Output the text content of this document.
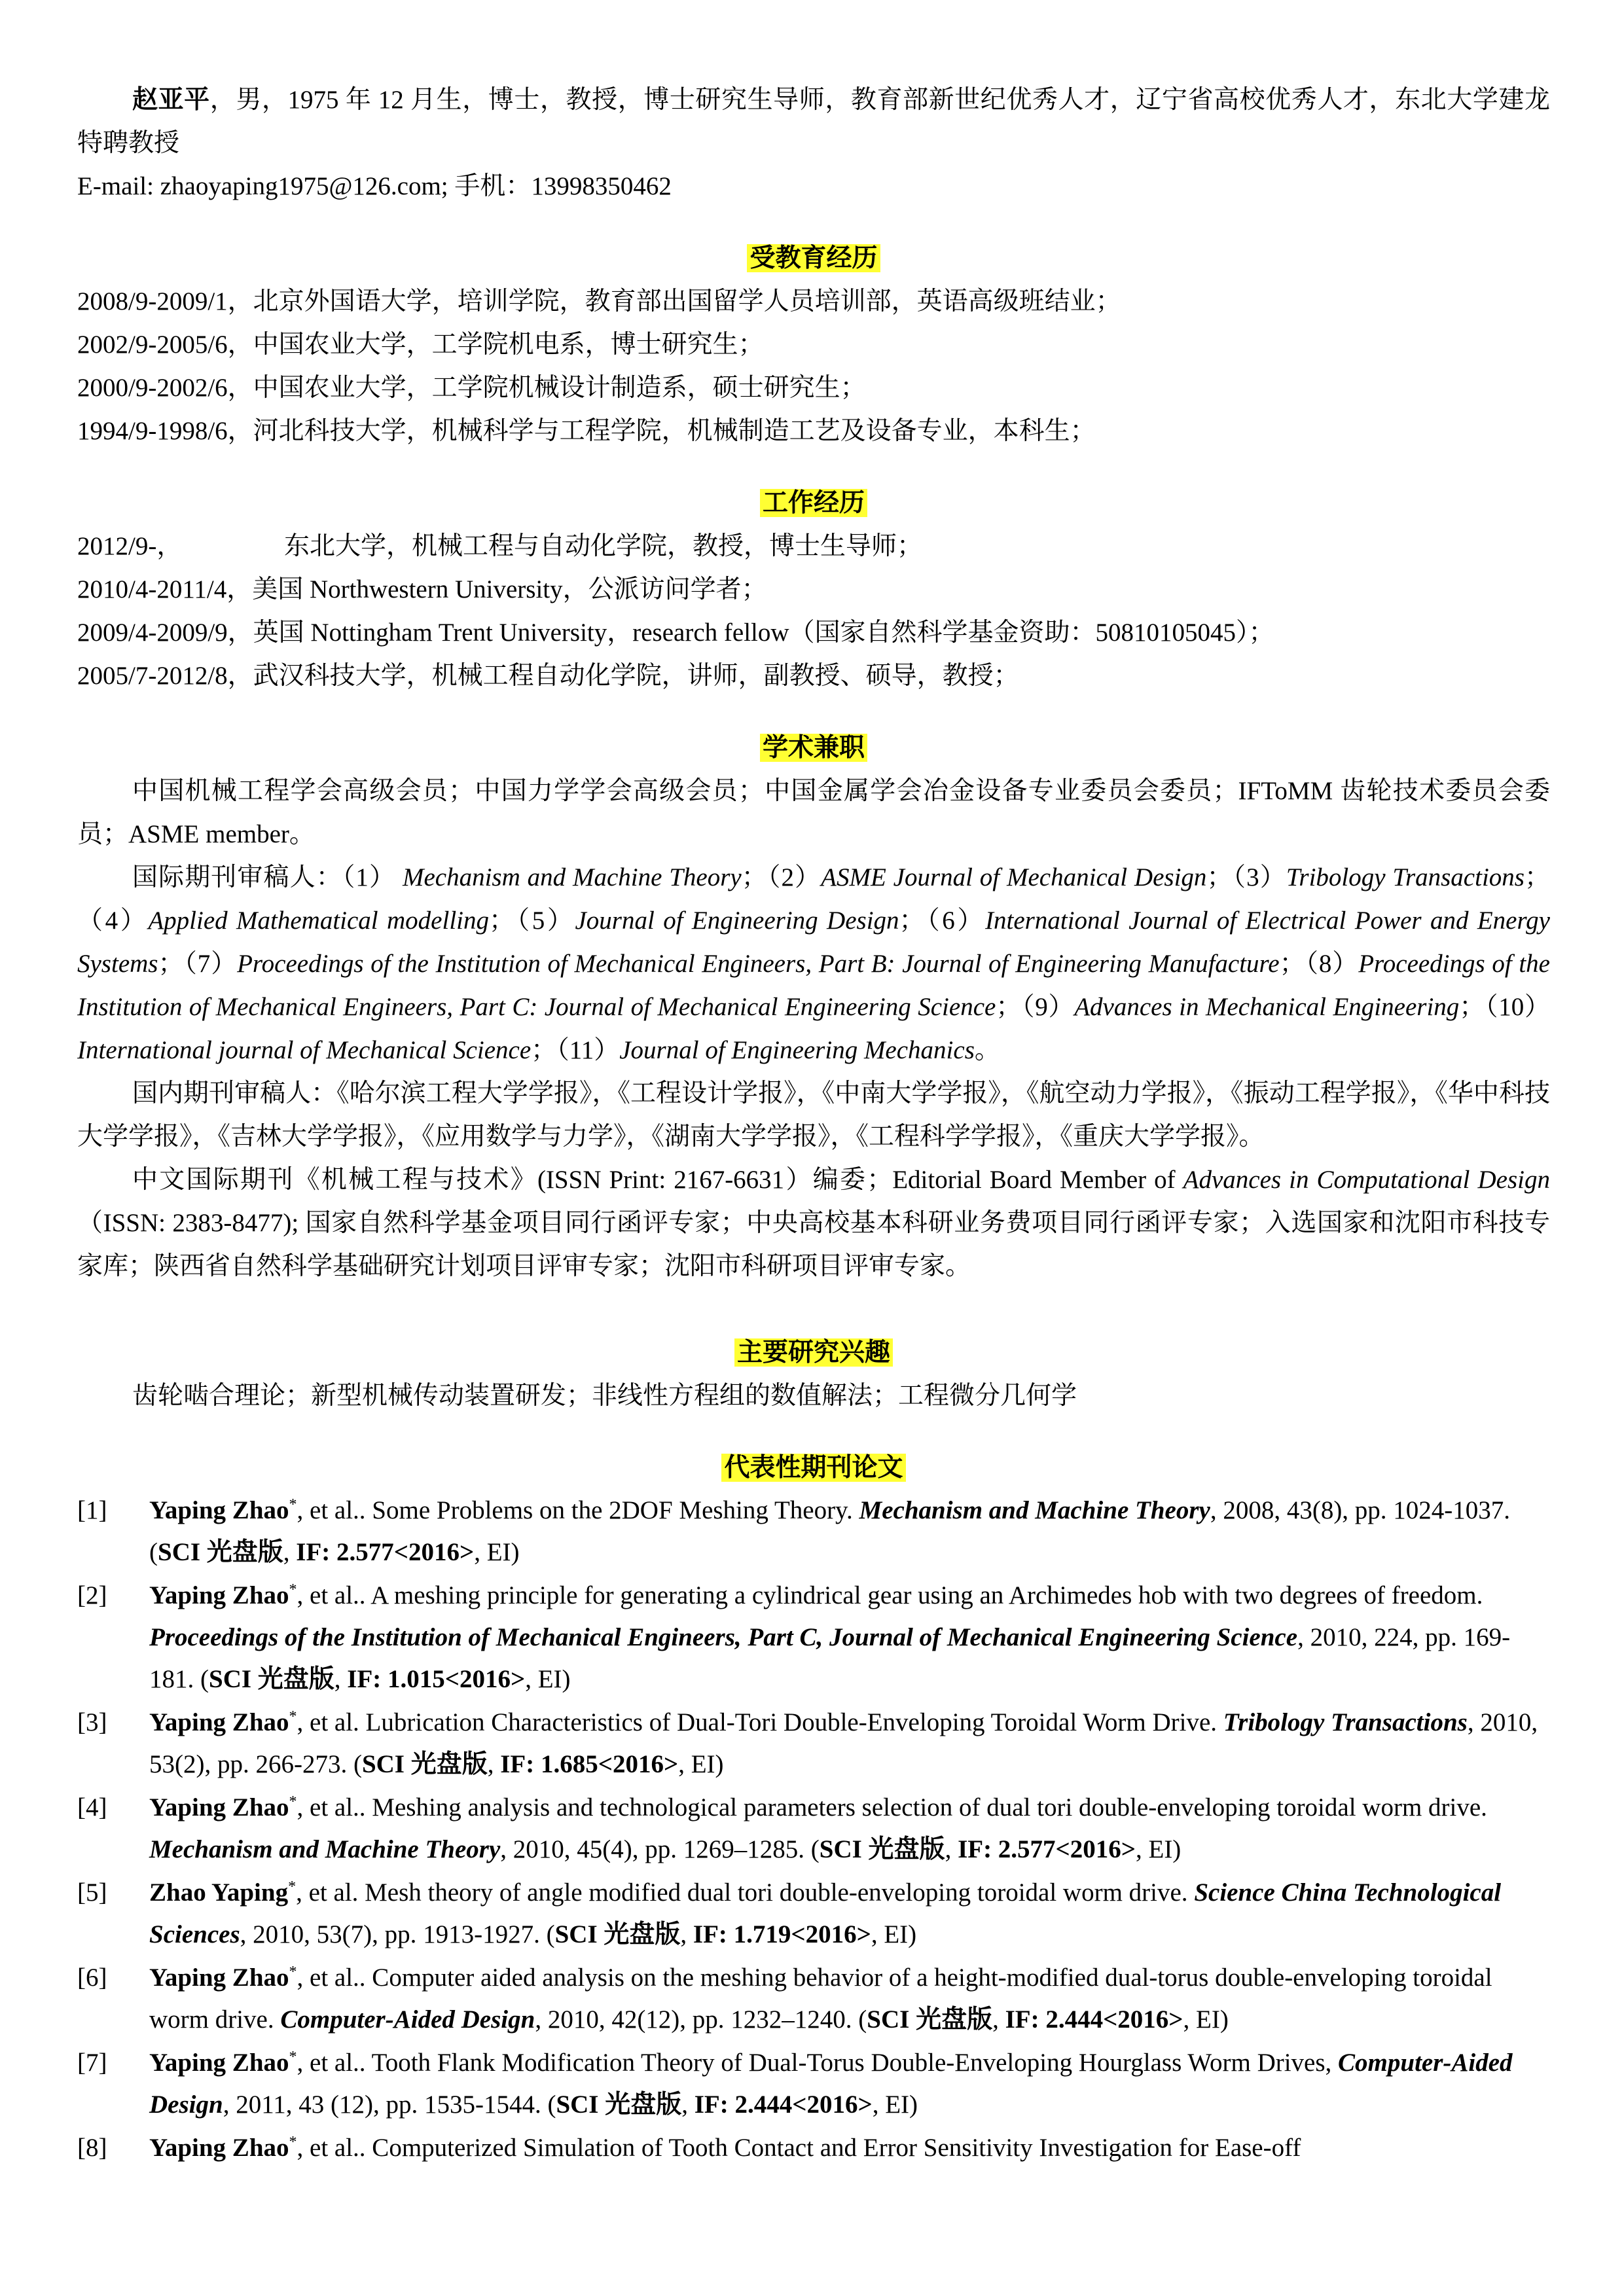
赵亚平，男，1975 年 12 月生，博士，教授，博士研究生导师，教育部新世纪优秀人才，辽宁省高校优秀人才，东北大学建龙特聘教授

E-mail: zhaoyaping1975@126.com; 手机：13998350462

受教育经历

2008/9-2009/1，北京外国语大学，培训学院，教育部出国留学人员培训部，英语高级班结业；

2002/9-2005/6，中国农业大学，工学院机电系，博士研究生；

2000/9-2002/6，中国农业大学，工学院机械设计制造系，硕士研究生；

1994/9-1998/6，河北科技大学，机械科学与工程学院，机械制造工艺及设备专业，本科生；

工作经历

2012/9-，	东北大学，机械工程与自动化学院，教授，博士生导师；

2010/4-2011/4，美国 Northwestern University，公派访问学者；

2009/4-2009/9，英国 Nottingham Trent University，research fellow（国家自然科学基金资助：50810105045）；

2005/7-2012/8，武汉科技大学，机械工程自动化学院，讲师，副教授、硕导，教授；

学术兼职

中国机械工程学会高级会员；中国力学学会高级会员；中国金属学会冶金设备专业委员会委员；IFToMM 齿轮技术委员会委员；ASME member。

国际期刊审稿人：（1） Mechanism and Machine Theory；（2）ASME Journal of Mechanical Design；（3）Tribology Transactions；（4）Applied Mathematical modelling；（5）Journal of Engineering Design；（6）International Journal of Electrical Power and Energy Systems；（7）Proceedings of the Institution of Mechanical Engineers, Part B: Journal of Engineering Manufacture；（8）Proceedings of the Institution of Mechanical Engineers, Part C: Journal of Mechanical Engineering Science；（9）Advances in Mechanical Engineering；（10）International journal of Mechanical Science；（11）Journal of Engineering Mechanics。

国内期刊审稿人：《哈尔滨工程大学学报》，《工程设计学报》，《中南大学学报》，《航空动力学报》，《振动工程学报》，《华中科技大学学报》，《吉林大学学报》，《应用数学与力学》，《湖南大学学报》，《工程科学学报》，《重庆大学学报》。

中文国际期刊《机械工程与技术》(ISSN Print: 2167-6631）编委；Editorial Board Member of Advances in Computational Design（ISSN: 2383-8477); 国家自然科学基金项目同行函评专家；中央高校基本科研业务费项目同行函评专家；入选国家和沈阳市科技专家库；陕西省自然科学基础研究计划项目评审专家；沈阳市科研项目评审专家。

主要研究兴趣

齿轮啮合理论；新型机械传动装置研发；非线性方程组的数值解法；工程微分几何学

代表性期刊论文

[1] Yaping Zhao*, et al.. Some Problems on the 2DOF Meshing Theory. Mechanism and Machine Theory, 2008, 43(8), pp. 1024-1037. (SCI 光盘版, IF: 2.577<2016>, EI)

[2] Yaping Zhao*, et al.. A meshing principle for generating a cylindrical gear using an Archimedes hob with two degrees of freedom. Proceedings of the Institution of Mechanical Engineers, Part C, Journal of Mechanical Engineering Science, 2010, 224, pp. 169-181. (SCI 光盘版, IF: 1.015<2016>, EI)

[3] Yaping Zhao*, et al. Lubrication Characteristics of Dual-Tori Double-Enveloping Toroidal Worm Drive. Tribology Transactions, 2010, 53(2), pp. 266-273. (SCI 光盘版, IF: 1.685<2016>, EI)

[4] Yaping Zhao*, et al.. Meshing analysis and technological parameters selection of dual tori double-enveloping toroidal worm drive. Mechanism and Machine Theory, 2010, 45(4), pp. 1269–1285. (SCI 光盘版, IF: 2.577<2016>, EI)

[5] Zhao Yaping*, et al. Mesh theory of angle modified dual tori double-enveloping toroidal worm drive. Science China Technological Sciences, 2010, 53(7), pp. 1913-1927. (SCI 光盘版, IF: 1.719<2016>, EI)

[6] Yaping Zhao*, et al.. Computer aided analysis on the meshing behavior of a height-modified dual-torus double-enveloping toroidal worm drive. Computer-Aided Design, 2010, 42(12), pp. 1232–1240. (SCI 光盘版, IF: 2.444<2016>, EI)

[7] Yaping Zhao*, et al.. Tooth Flank Modification Theory of Dual-Torus Double-Enveloping Hourglass Worm Drives, Computer-Aided Design, 2011, 43 (12), pp. 1535-1544. (SCI 光盘版, IF: 2.444<2016>, EI)

[8] Yaping Zhao*, et al.. Computerized Simulation of Tooth Contact and Error Sensitivity Investigation for Ease-off
